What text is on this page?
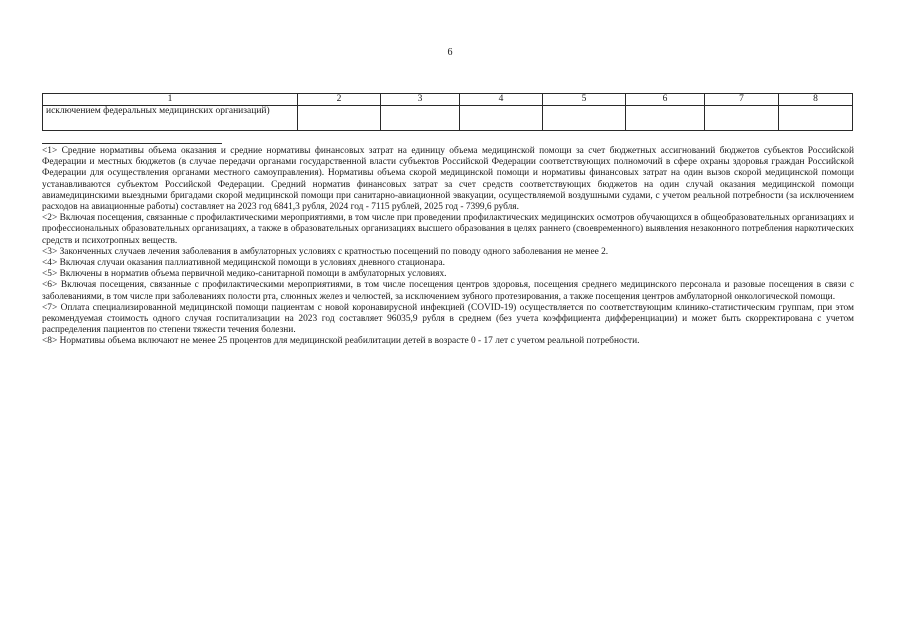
6
1	2	3	4	5	6	7	8

исключением федеральных медицинских организаций)							

<1> Средние нормативы объема оказания и средние нормативы финансовых затрат на единицу объема медицинской помощи за счет бюджетных ассигнований бюджетов субъектов Российской Федерации и местных бюджетов (в случае передачи органами государственной власти субъектов Российской Федерации соответствующих полномочий в сфере охраны здоровья граждан Российской Федерации для осуществления органами местного самоуправления). Нормативы объема скорой медицинской помощи и нормативы финансовых затрат на один вызов скорой медицинской помощи устанавливаются субъектом Российской Федерации. Средний норматив финансовых затрат за счет средств соответствующих бюджетов на один случай оказания медицинской помощи авиамедицинскими выездными бригадами скорой медицинской помощи при санитарно-авиационной эвакуации, осуществляемой воздушными судами, с учетом реальной потребности (за исключением расходов на авиационные работы) составляет на 2023 год 6841,3 рубля, 2024 год - 7115 рублей, 2025 год - 7399,6 рубля.

<2> Включая посещения, связанные с профилактическими мероприятиями, в том числе при проведении профилактических медицинских осмотров обучающихся в общеобразовательных организациях и профессиональных образовательных организациях, а также в образовательных организациях высшего образования в целях раннего (своевременного) выявления незаконного потребления наркотических средств и психотропных веществ.

<3> Законченных случаев лечения заболевания в амбулаторных условиях с кратностью посещений по поводу одного заболевания не менее 2.

<4> Включая случаи оказания паллиативной медицинской помощи в условиях дневного стационара.

<5> Включены в норматив объема первичной медико-санитарной помощи в амбулаторных условиях.

<6> Включая посещения, связанные с профилактическими мероприятиями, в том числе посещения центров здоровья, посещения среднего медицинского персонала и разовые посещения в связи с заболеваниями, в том числе при заболеваниях полости рта, слюнных желез и челюстей, за исключением зубного протезирования, а также посещения центров амбулаторной онкологической помощи.

<7> Оплата специализированной медицинской помощи пациентам с новой коронавирусной инфекцией (COVID-19) осуществляется по соответствующим клинико-статистическим группам, при этом рекомендуемая стоимость одного случая госпитализации на 2023 год составляет 96035,9 рубля в среднем (без учета коэффициента дифференциации) и может быть скорректирована с учетом распределения пациентов по степени тяжести течения болезни.

<8> Нормативы объема включают не менее 25 процентов для медицинской реабилитации детей в возрасте 0 - 17 лет с учетом реальной потребности.
